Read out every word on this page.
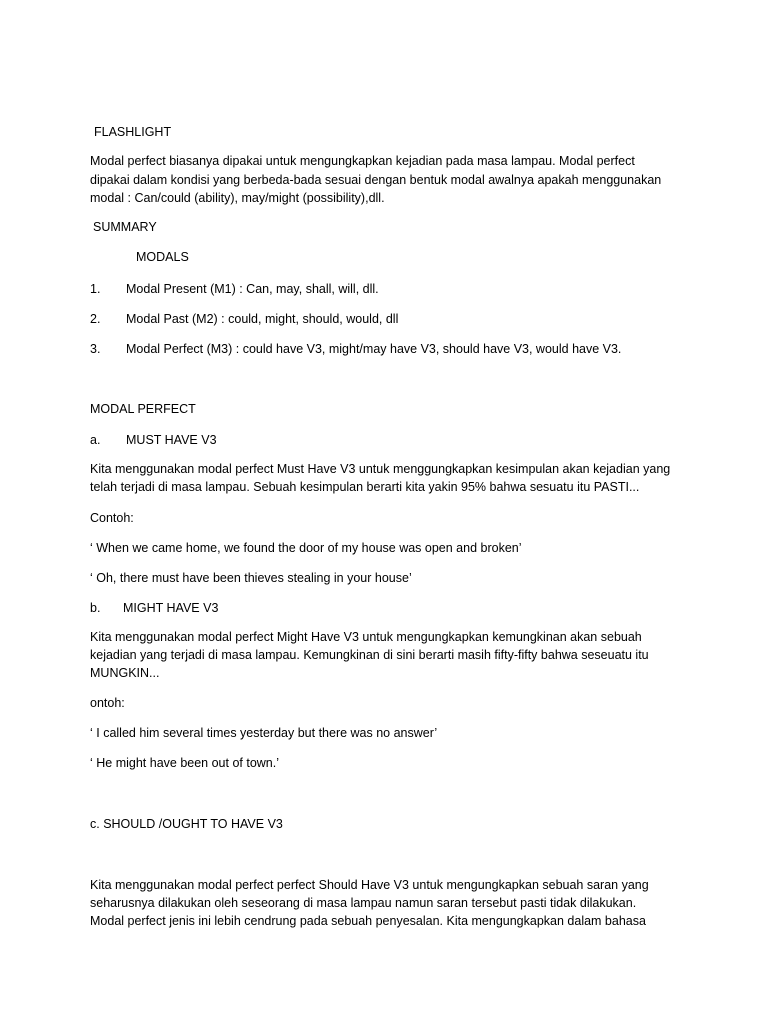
FLASHLIGHT
Modal perfect biasanya dipakai untuk mengungkapkan kejadian pada masa lampau. Modal perfect
dipakai dalam kondisi yang berbeda-bada sesuai dengan bentuk modal awalnya apakah menggunakan
modal : Can/could (ability), may/might (possibility),dll.
SUMMARY
MODALS
1. Modal Present (M1) : Can, may, shall, will, dll.
2. Modal Past (M2) : could, might, should, would, dll
3. Modal Perfect (M3) : could have V3, might/may have V3, should have V3, would have V3.
MODAL PERFECT
a. MUST HAVE V3
Kita menggunakan modal perfect Must Have V3 untuk menggungkapkan kesimpulan akan kejadian yang
telah terjadi di masa lampau. Sebuah kesimpulan berarti kita yakin 95% bahwa sesuatu itu PASTI...
Contoh:
‘ When we came home, we found the door of my house was open and broken’
‘ Oh, there must have been thieves stealing in your house’
b. MIGHT HAVE V3
Kita menggunakan modal perfect Might Have V3 untuk mengungkapkan kemungkinan akan sebuah
kejadian yang terjadi di masa lampau. Kemungkinan di sini berarti masih fifty-fifty bahwa seseuatu itu
MUNGKIN...
ontoh:
‘ I called him several times yesterday but there was no answer’
‘ He might have been out of town.’
c. SHOULD /OUGHT TO HAVE V3
Kita menggunakan modal perfect perfect Should Have V3 untuk mengungkapkan sebuah saran yang
seharusnya dilakukan oleh seseorang di masa lampau namun saran tersebut pasti tidak dilakukan.
Modal perfect jenis ini lebih cendrung pada sebuah penyesalan. Kita mengungkapkan dalam bahasa
